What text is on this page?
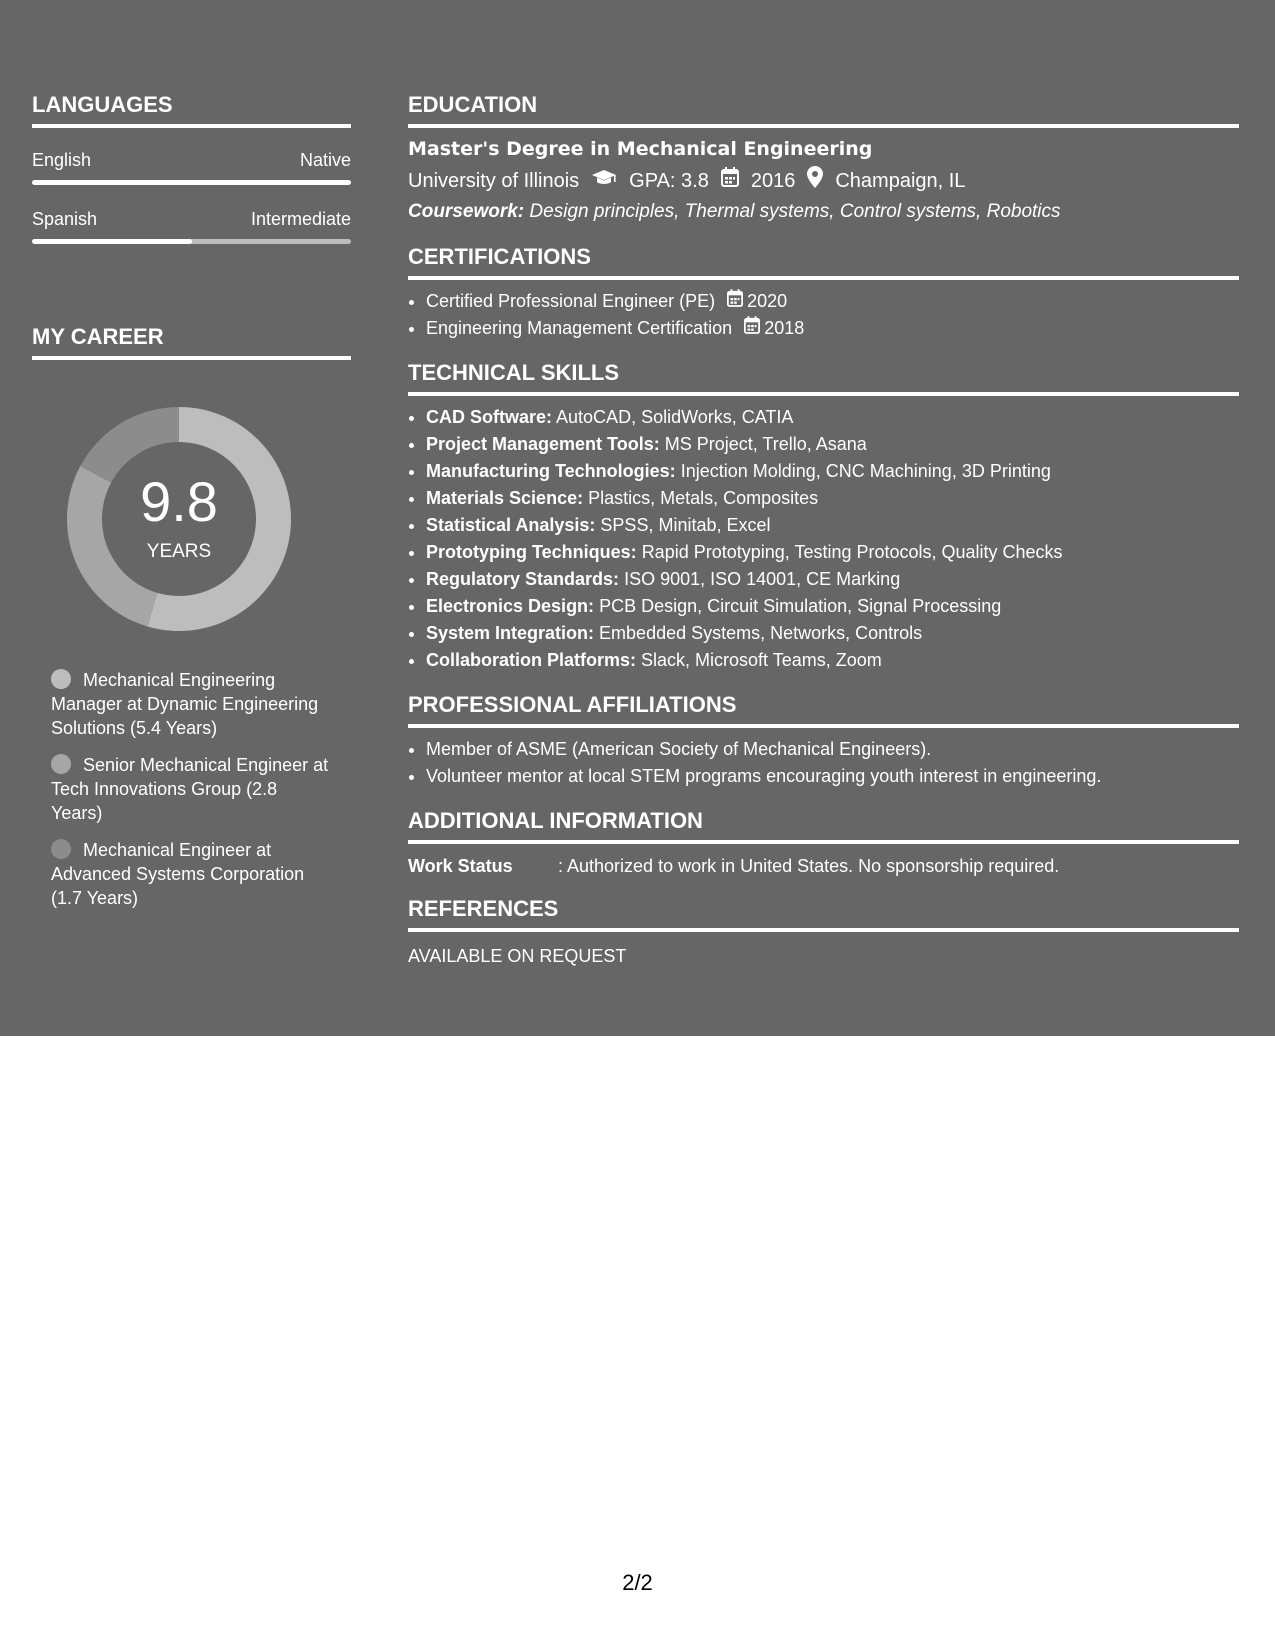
LANGUAGES
English	Native
Spanish	Intermediate
MY CAREER
9.8
YEARS
Mechanical Engineering Manager at Dynamic Engineering Solutions (5.4 Years)
Senior Mechanical Engineer at Tech Innovations Group (2.8 Years)
Mechanical Engineer at Advanced Systems Corporation (1.7 Years)
EDUCATION
Master's Degree in Mechanical Engineering
University of Illinois	GPA: 3.8 2016 Champaign, IL
Coursework: Design principles, Thermal systems, Control systems, Robotics
CERTIFICATIONS
• Certified Professional Engineer (PE) 2020
• Engineering Management Certification 2018
TECHNICAL SKILLS
• CAD Software: AutoCAD, SolidWorks, CATIA
• Project Management Tools: MS Project, Trello, Asana
• Manufacturing Technologies: Injection Molding, CNC Machining, 3D Printing
• Materials Science: Plastics, Metals, Composites
• Statistical Analysis: SPSS, Minitab, Excel
• Prototyping Techniques: Rapid Prototyping, Testing Protocols, Quality Checks
• Regulatory Standards: ISO 9001, ISO 14001, CE Marking
• Electronics Design: PCB Design, Circuit Simulation, Signal Processing
• System Integration: Embedded Systems, Networks, Controls
• Collaboration Platforms: Slack, Microsoft Teams, Zoom
PROFESSIONAL AFFILIATIONS
• Member of ASME (American Society of Mechanical Engineers).
• Volunteer mentor at local STEM programs encouraging youth interest in engineering.
ADDITIONAL INFORMATION
Work Status	: Authorized to work in United States. No sponsorship required.
REFERENCES
AVAILABLE ON REQUEST
2/2
